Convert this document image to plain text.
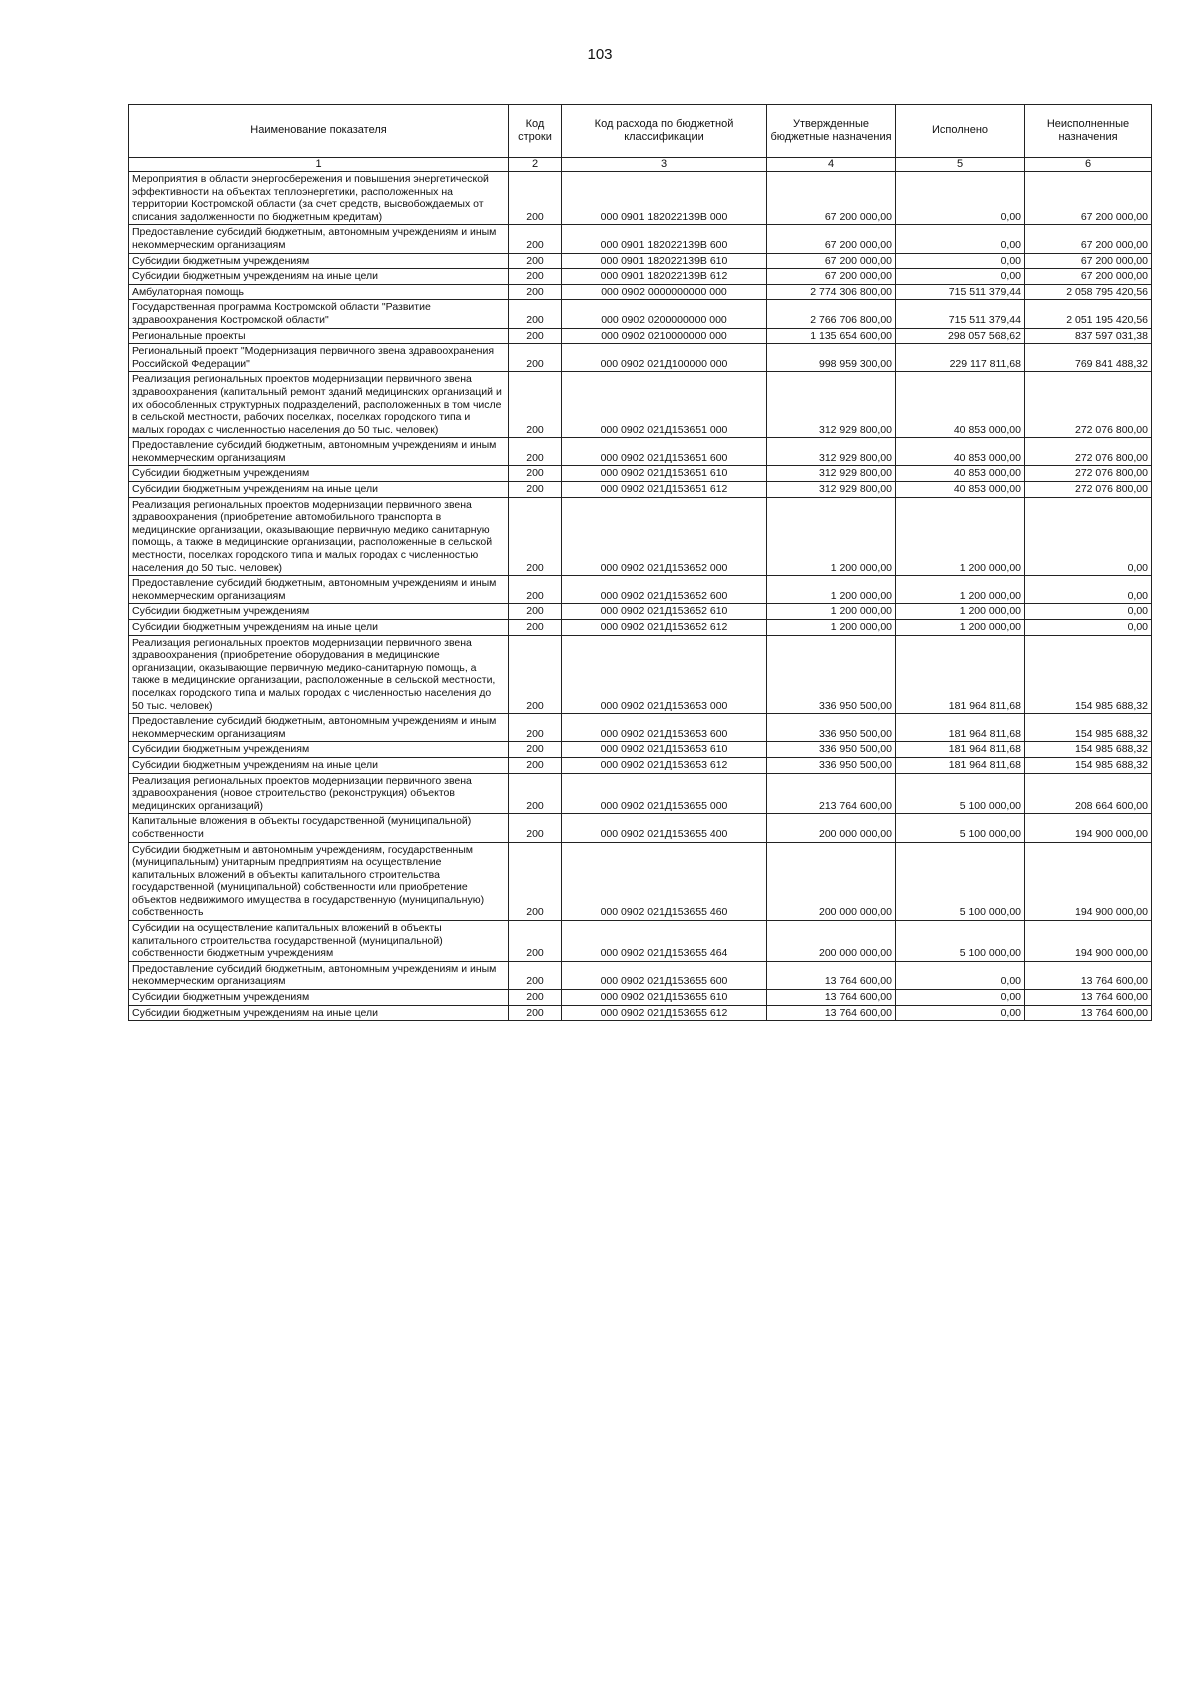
103
Наименование показателя	Код строки	Код расхода по бюджетной классификации	Утвержденные бюджетные назначения	Исполнено	Неисполненные назначения
1	2	3	4	5	6
Мероприятия в области энергосбережения и повышения энергетической эффективности на объектах теплоэнергетики, расположенных на территории Костромской области (за счет средств, высвобождаемых от списания задолженности по бюджетным кредитам)	200	000 0901 182022139В 000	67 200 000,00	0,00	67 200 000,00
Предоставление субсидий бюджетным, автономным учреждениям и иным некоммерческим организациям	200	000 0901 182022139В 600	67 200 000,00	0,00	67 200 000,00
Субсидии бюджетным учреждениям	200	000 0901 182022139В 610	67 200 000,00	0,00	67 200 000,00
Субсидии бюджетным учреждениям на иные цели	200	000 0901 182022139В 612	67 200 000,00	0,00	67 200 000,00
Амбулаторная помощь	200	000 0902 0000000000 000	2 774 306 800,00	715 511 379,44	2 058 795 420,56
Государственная программа Костромской области "Развитие здравоохранения Костромской области"	200	000 0902 0200000000 000	2 766 706 800,00	715 511 379,44	2 051 195 420,56
Региональные проекты	200	000 0902 0210000000 000	1 135 654 600,00	298 057 568,62	837 597 031,38
Региональный проект "Модернизация первичного звена здравоохранения Российской Федерации"	200	000 0902 021Д100000 000	998 959 300,00	229 117 811,68	769 841 488,32
Реализация региональных проектов модернизации первичного звена здравоохранения (капитальный ремонт зданий медицинских организаций и их обособленных структурных подразделений, расположенных в том числе в сельской местности, рабочих поселках, поселках городского типа и малых городах с численностью населения до 50 тыс. человек)	200	000 0902 021Д153651 000	312 929 800,00	40 853 000,00	272 076 800,00
Предоставление субсидий бюджетным, автономным учреждениям и иным некоммерческим организациям	200	000 0902 021Д153651 600	312 929 800,00	40 853 000,00	272 076 800,00
Субсидии бюджетным учреждениям	200	000 0902 021Д153651 610	312 929 800,00	40 853 000,00	272 076 800,00
Субсидии бюджетным учреждениям на иные цели	200	000 0902 021Д153651 612	312 929 800,00	40 853 000,00	272 076 800,00
Реализация региональных проектов модернизации первичного звена здравоохранения (приобретение автомобильного транспорта в медицинские организации, оказывающие первичную медико санитарную помощь, а также в медицинские организации, расположенные в сельской местности, поселках городского типа и малых городах с численностью населения до 50 тыс. человек)	200	000 0902 021Д153652 000	1 200 000,00	1 200 000,00	0,00
Предоставление субсидий бюджетным, автономным учреждениям и иным некоммерческим организациям	200	000 0902 021Д153652 600	1 200 000,00	1 200 000,00	0,00
Субсидии бюджетным учреждениям	200	000 0902 021Д153652 610	1 200 000,00	1 200 000,00	0,00
Субсидии бюджетным учреждениям на иные цели	200	000 0902 021Д153652 612	1 200 000,00	1 200 000,00	0,00
Реализация региональных проектов модернизации первичного звена здравоохранения (приобретение оборудования в медицинские организации, оказывающие первичную медико-санитарную помощь, а также в медицинские организации, расположенные в сельской местности, поселках городского типа и малых городах с численностью населения до 50 тыс. человек)	200	000 0902 021Д153653 000	336 950 500,00	181 964 811,68	154 985 688,32
Предоставление субсидий бюджетным, автономным учреждениям и иным некоммерческим организациям	200	000 0902 021Д153653 600	336 950 500,00	181 964 811,68	154 985 688,32
Субсидии бюджетным учреждениям	200	000 0902 021Д153653 610	336 950 500,00	181 964 811,68	154 985 688,32
Субсидии бюджетным учреждениям на иные цели	200	000 0902 021Д153653 612	336 950 500,00	181 964 811,68	154 985 688,32
Реализация региональных проектов модернизации первичного звена здравоохранения (новое строительство (реконструкция) объектов медицинских организаций)	200	000 0902 021Д153655 000	213 764 600,00	5 100 000,00	208 664 600,00
Капитальные вложения в объекты государственной (муниципальной) собственности	200	000 0902 021Д153655 400	200 000 000,00	5 100 000,00	194 900 000,00
Субсидии бюджетным и автономным учреждениям, государственным (муниципальным) унитарным предприятиям на осуществление капитальных вложений в объекты капитального строительства государственной (муниципальной) собственности или приобретение объектов недвижимого имущества в государственную (муниципальную) собственность	200	000 0902 021Д153655 460	200 000 000,00	5 100 000,00	194 900 000,00
Субсидии на осуществление капитальных вложений в объекты капитального строительства государственной (муниципальной) собственности бюджетным учреждениям	200	000 0902 021Д153655 464	200 000 000,00	5 100 000,00	194 900 000,00
Предоставление субсидий бюджетным, автономным учреждениям и иным некоммерческим организациям	200	000 0902 021Д153655 600	13 764 600,00	0,00	13 764 600,00
Субсидии бюджетным учреждениям	200	000 0902 021Д153655 610	13 764 600,00	0,00	13 764 600,00
Субсидии бюджетным учреждениям на иные цели	200	000 0902 021Д153655 612	13 764 600,00	0,00	13 764 600,00
